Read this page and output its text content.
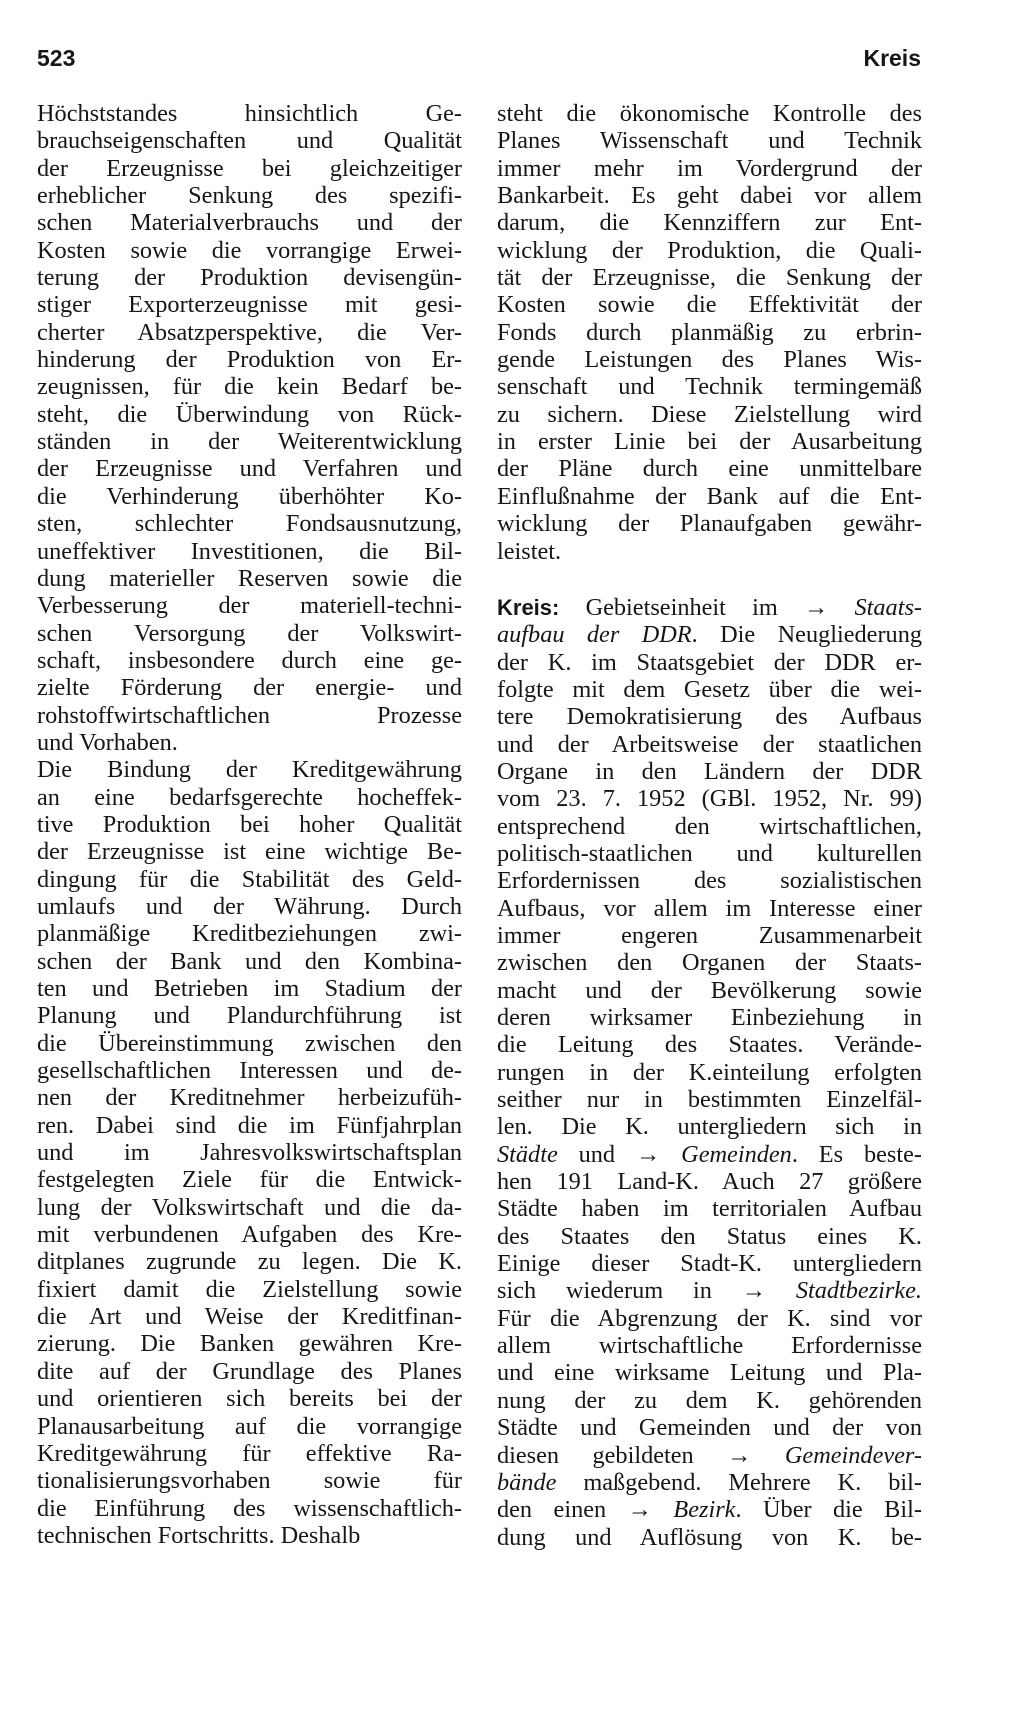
523	Kreis
Höchststandes hinsichtlich Ge-
brauchseigenschaften und Qualität
der Erzeugnisse bei gleichzeitiger
erheblicher Senkung des spezifi-
schen Materialverbrauchs und der
Kosten sowie die vorrangige Erwei-
terung der Produktion devisengün-
stiger Exporterzeugnisse mit gesi-
cherter Absatzperspektive, die Ver-
hinderung der Produktion von Er-
zeugnissen, für die kein Bedarf be-
steht, die Überwindung von Rück-
ständen in der Weiterentwicklung
der Erzeugnisse und Verfahren und
die Verhinderung überhöhter Ko-
sten, schlechter Fondsausnutzung,
uneffektiver Investitionen, die Bil-
dung materieller Reserven sowie die
Verbesserung der materiell-techni-
schen Versorgung der Volkswirt-
schaft, insbesondere durch eine ge-
zielte Förderung der energie- und
rohstoffwirtschaftlichen Prozesse
und Vorhaben.
Die Bindung der Kreditgewährung
an eine bedarfsgerechte hocheffek-
tive Produktion bei hoher Qualität
der Erzeugnisse ist eine wichtige Be-
dingung für die Stabilität des Geld-
umlaufs und der Währung. Durch
planmäßige Kreditbeziehungen zwi-
schen der Bank und den Kombina-
ten und Betrieben im Stadium der
Planung und Plandurchführung ist
die Übereinstimmung zwischen den
gesellschaftlichen Interessen und de-
nen der Kreditnehmer herbeizufüh-
ren. Dabei sind die im Fünfjahrplan
und im Jahresvolkswirtschaftsplan
festgelegten Ziele für die Entwick-
lung der Volkswirtschaft und die da-
mit verbundenen Aufgaben des Kre-
ditplanes zugrunde zu legen. Die K.
fixiert damit die Zielstellung sowie
die Art und Weise der Kreditfinan-
zierung. Die Banken gewähren Kre-
dite auf der Grundlage des Planes
und orientieren sich bereits bei der
Planausarbeitung auf die vorrangige
Kreditgewährung für effektive Ra-
tionalisierungsvorhaben sowie für
die Einführung des wissenschaftlich-
technischen Fortschritts. Deshalb
steht die ökonomische Kontrolle des
Planes Wissenschaft und Technik
immer mehr im Vordergrund der
Bankarbeit. Es geht dabei vor allem
darum, die Kennziffern zur Ent-
wicklung der Produktion, die Quali-
tät der Erzeugnisse, die Senkung der
Kosten sowie die Effektivität der
Fonds durch planmäßig zu erbrin-
gende Leistungen des Planes Wis-
senschaft und Technik termingemäß
zu sichern. Diese Zielstellung wird
in erster Linie bei der Ausarbeitung
der Pläne durch eine unmittelbare
Einflußnahme der Bank auf die Ent-
wicklung der Planaufgaben gewähr-
leistet.
Kreis: Gebietseinheit im → Staats-
aufbau der DDR. Die Neugliederung
der K. im Staatsgebiet der DDR er-
folgte mit dem Gesetz über die wei-
tere Demokratisierung des Aufbaus
und der Arbeitsweise der staatlichen
Organe in den Ländern der DDR
vom 23. 7. 1952 (GBl. 1952, Nr. 99)
entsprechend den wirtschaftlichen,
politisch-staatlichen und kulturellen
Erfordernissen des sozialistischen
Aufbaus, vor allem im Interesse einer
immer engeren Zusammenarbeit
zwischen den Organen der Staats-
macht und der Bevölkerung sowie
deren wirksamer Einbeziehung in
die Leitung des Staates. Verände-
rungen in der K.einteilung erfolgten
seither nur in bestimmten Einzelfäl-
len. Die K. untergliedern sich in
Städte und → Gemeinden. Es beste-
hen 191 Land-K. Auch 27 größere
Städte haben im territorialen Aufbau
des Staates den Status eines K.
Einige dieser Stadt-K. untergliedern
sich wiederum in → Stadtbezirke.
Für die Abgrenzung der K. sind vor
allem wirtschaftliche Erfordernisse
und eine wirksame Leitung und Pla-
nung der zu dem K. gehörenden
Städte und Gemeinden und der von
diesen gebildeten → Gemeindever-
bände maßgebend. Mehrere K. bil-
den einen → Bezirk. Über die Bil-
dung und Auflösung von K. be-
